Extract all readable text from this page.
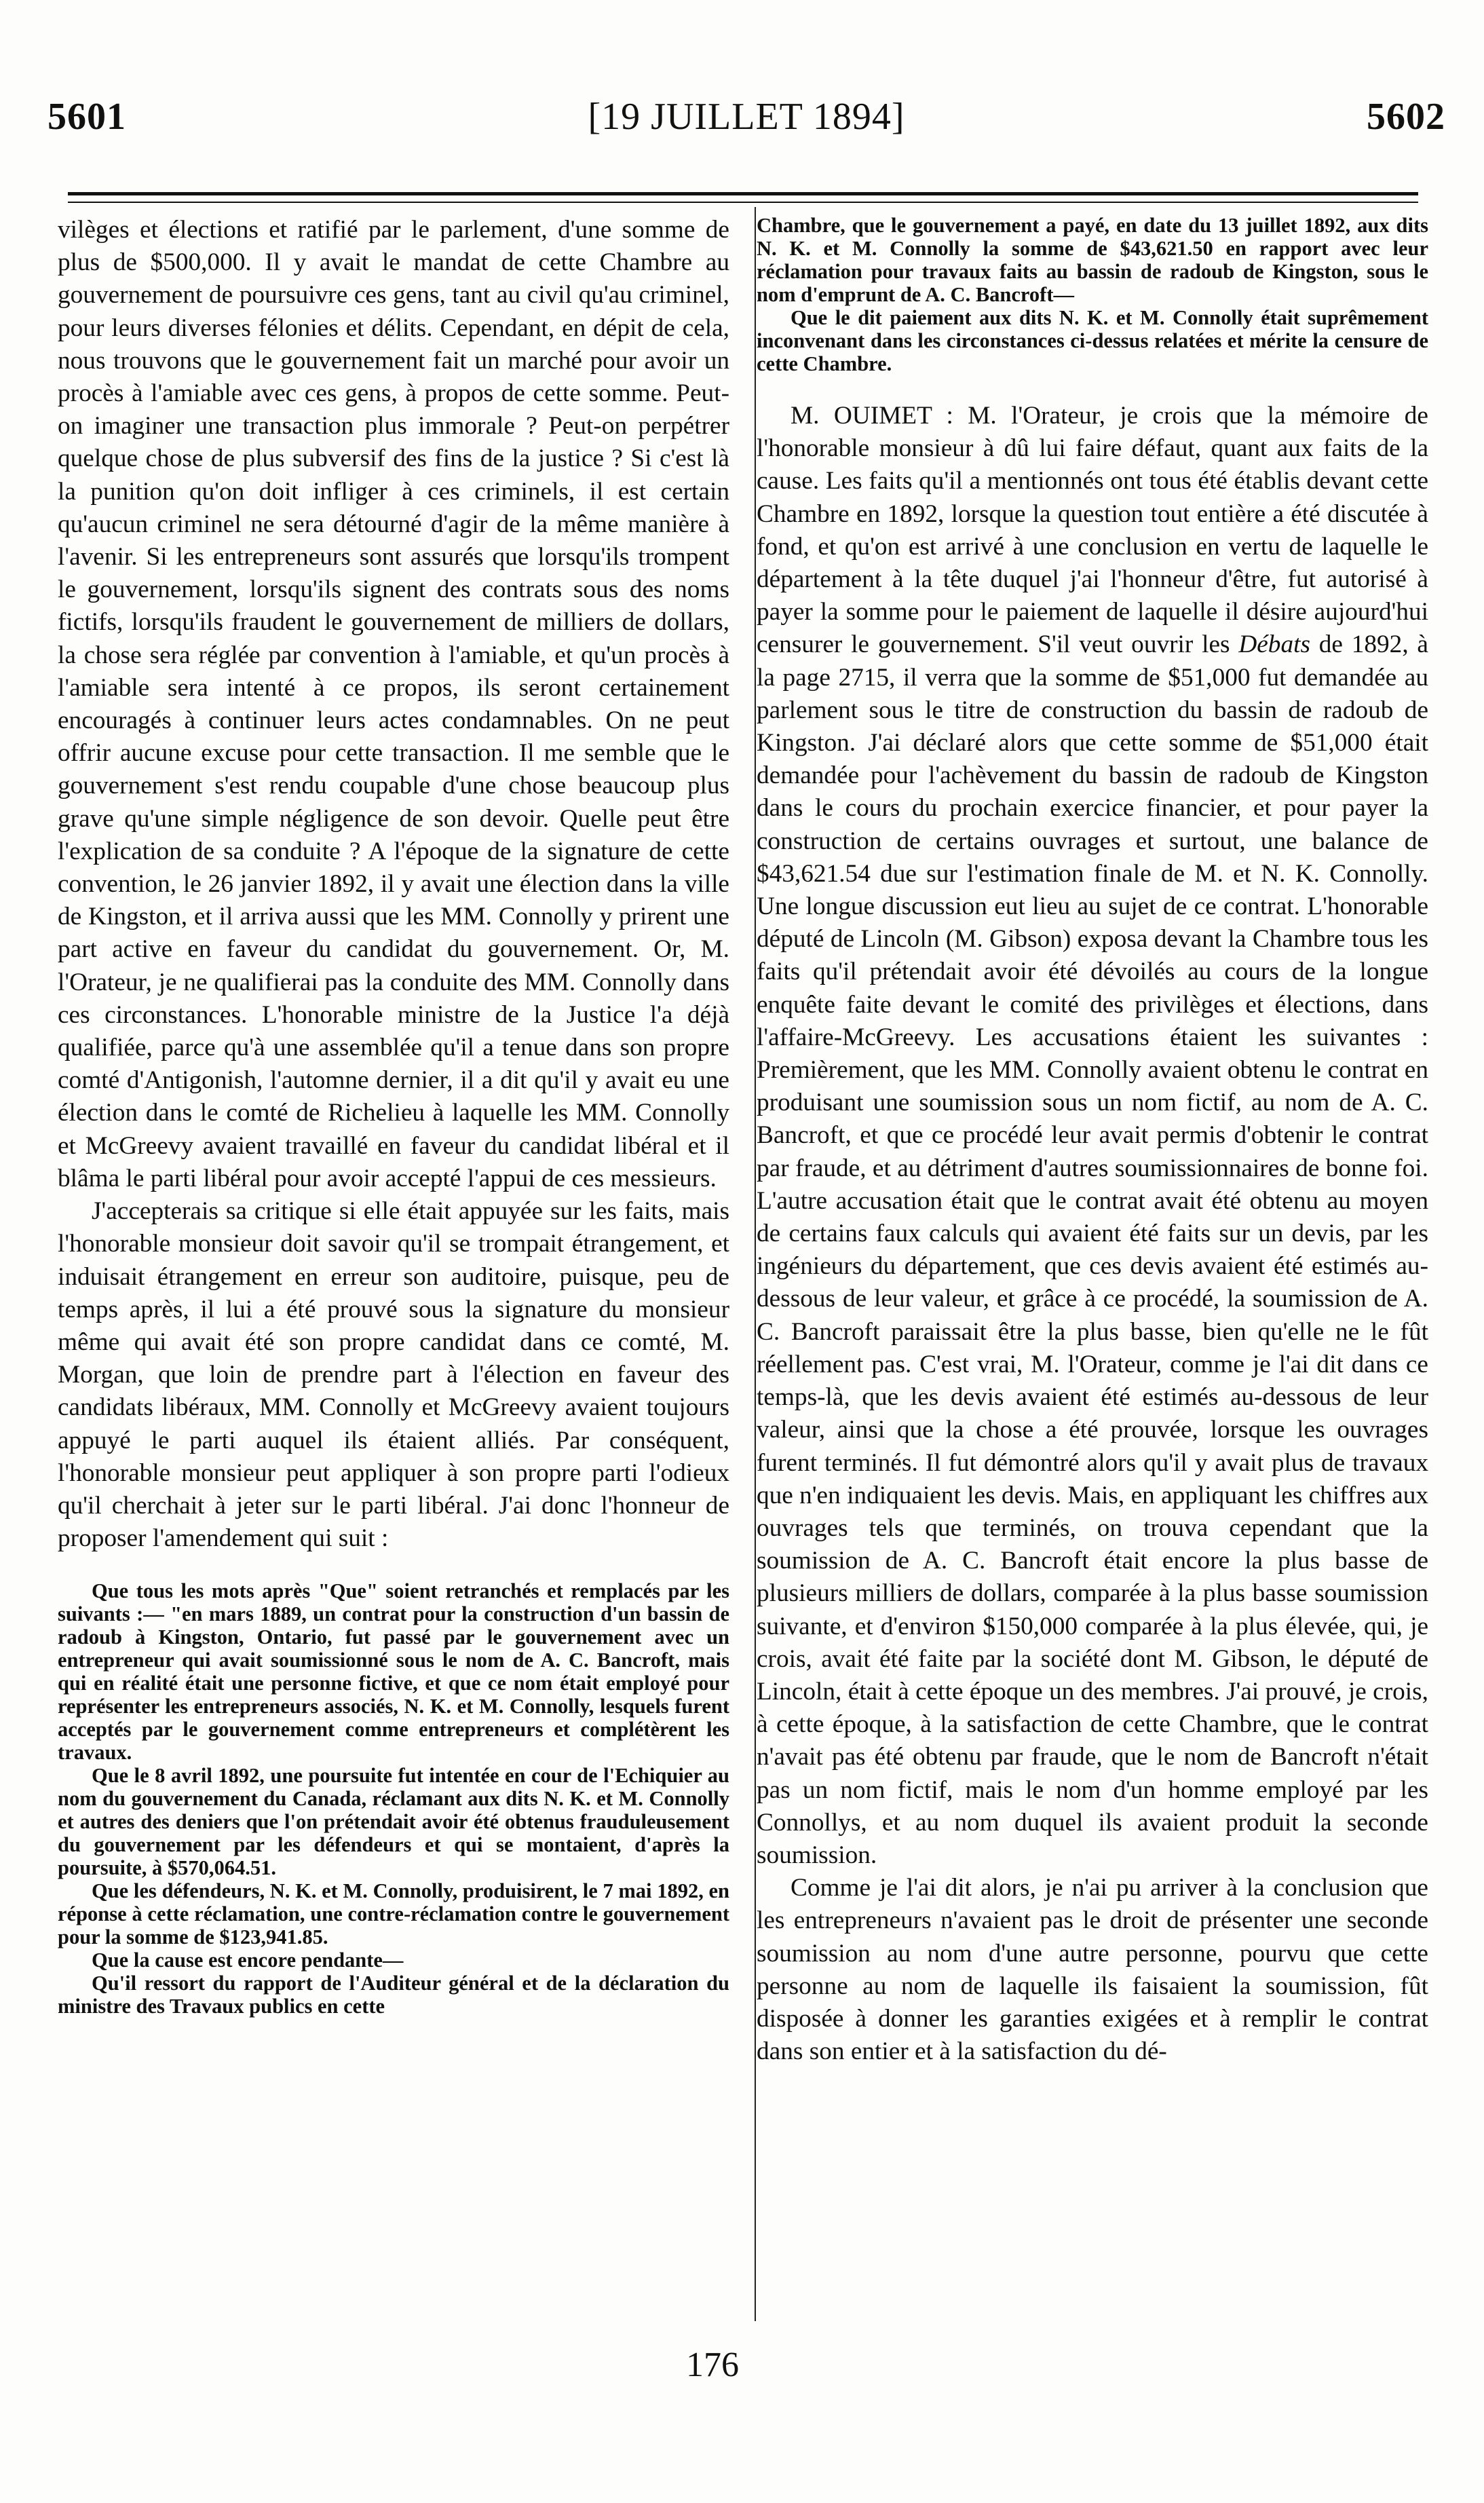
5601	[19 JUILLET 1894]	5602

vilèges et élections et ratifié par le parlement, d'une somme de plus de $500,000. Il y avait le mandat de cette Chambre au gouvernement de poursuivre ces gens, tant au civil qu'au criminel, pour leurs diverses félonies et délits. Cependant, en dépit de cela, nous trouvons que le gouvernement fait un marché pour avoir un procès à l'amiable avec ces gens, à propos de cette somme. Peut-on imaginer une transaction plus immorale ? Peut-on perpétrer quelque chose de plus subversif des fins de la justice ? Si c'est là la punition qu'on doit infliger à ces criminels, il est certain qu'aucun criminel ne sera détourné d'agir de la même manière à l'avenir. Si les entrepreneurs sont assurés que lorsqu'ils trompent le gouvernement, lorsqu'ils signent des contrats sous des noms fictifs, lorsqu'ils fraudent le gouvernement de milliers de dollars, la chose sera réglée par convention à l'amiable, et qu'un procès à l'amiable sera intenté à ce propos, ils seront certainement encouragés à continuer leurs actes condamnables. On ne peut offrir aucune excuse pour cette transaction. Il me semble que le gouvernement s'est rendu coupable d'une chose beaucoup plus grave qu'une simple négligence de son devoir. Quelle peut être l'explication de sa conduite ? A l'époque de la signature de cette convention, le 26 janvier 1892, il y avait une élection dans la ville de Kingston, et il arriva aussi que les MM. Connolly y prirent une part active en faveur du candidat du gouvernement. Or, M. l'Orateur, je ne qualifierai pas la conduite des MM. Connolly dans ces circonstances. L'honorable ministre de la Justice l'a déjà qualifiée, parce qu'à une assemblée qu'il a tenue dans son propre comté d'Antigonish, l'automne dernier, il a dit qu'il y avait eu une élection dans le comté de Richelieu à laquelle les MM. Connolly et McGreevy avaient travaillé en faveur du candidat libéral et il blâma le parti libéral pour avoir accepté l'appui de ces messieurs.

J'accepterais sa critique si elle était appuyée sur les faits, mais l'honorable monsieur doit savoir qu'il se trompait étrangement, et induisait étrangement en erreur son auditoire, puisque, peu de temps après, il lui a été prouvé sous la signature du monsieur même qui avait été son propre candidat dans ce comté, M. Morgan, que loin de prendre part à l'élection en faveur des candidats libéraux, MM. Connolly et McGreevy avaient toujours appuyé le parti auquel ils étaient alliés. Par conséquent, l'honorable monsieur peut appliquer à son propre parti l'odieux qu'il cherchait à jeter sur le parti libéral. J'ai donc l'honneur de proposer l'amendement qui suit :

Que tous les mots après "Que" soient retranchés et remplacés par les suivants :— "en mars 1889, un contrat pour la construction d'un bassin de radoub à Kingston, Ontario, fut passé par le gouvernement avec un entrepreneur qui avait soumissionné sous le nom de A. C. Bancroft, mais qui en réalité était une personne fictive, et que ce nom était employé pour représenter les entrepreneurs associés, N. K. et M. Connolly, lesquels furent acceptés par le gouvernement comme entrepreneurs et complétèrent les travaux.

Que le 8 avril 1892, une poursuite fut intentée en cour de l'Echiquier au nom du gouvernement du Canada, réclamant aux dits N. K. et M. Connolly et autres des deniers que l'on prétendait avoir été obtenus frauduleusement du gouvernement par les défendeurs et qui se montaient, d'après la poursuite, à $570,064.51.

Que les défendeurs, N. K. et M. Connolly, produisirent, le 7 mai 1892, en réponse à cette réclamation, une contre-réclamation contre le gouvernement pour la somme de $123,941.85.

Que la cause est encore pendante—

Qu'il ressort du rapport de l'Auditeur général et de la déclaration du ministre des Travaux publics en cette

Chambre, que le gouvernement a payé, en date du 13 juillet 1892, aux dits N. K. et M. Connolly la somme de $43,621.50 en rapport avec leur réclamation pour travaux faits au bassin de radoub de Kingston, sous le nom d'emprunt de A. C. Bancroft—

Que le dit paiement aux dits N. K. et M. Connolly était suprêmement inconvenant dans les circonstances ci-dessus relatées et mérite la censure de cette Chambre.

M. OUIMET : M. l'Orateur, je crois que la mémoire de l'honorable monsieur à dû lui faire défaut, quant aux faits de la cause. Les faits qu'il a mentionnés ont tous été établis devant cette Chambre en 1892, lorsque la question tout entière a été discutée à fond, et qu'on est arrivé à une conclusion en vertu de laquelle le département à la tête duquel j'ai l'honneur d'être, fut autorisé à payer la somme pour le paiement de laquelle il désire aujourd'hui censurer le gouvernement. S'il veut ouvrir les Débats de 1892, à la page 2715, il verra que la somme de $51,000 fut demandée au parlement sous le titre de construction du bassin de radoub de Kingston. J'ai déclaré alors que cette somme de $51,000 était demandée pour l'achèvement du bassin de radoub de Kingston dans le cours du prochain exercice financier, et pour payer la construction de certains ouvrages et surtout, une balance de $43,621.54 due sur l'estimation finale de M. et N. K. Connolly. Une longue discussion eut lieu au sujet de ce contrat. L'honorable député de Lincoln (M. Gibson) exposa devant la Chambre tous les faits qu'il prétendait avoir été dévoilés au cours de la longue enquête faite devant le comité des privilèges et élections, dans l'affaire-McGreevy. Les accusations étaient les suivantes : Premièrement, que les MM. Connolly avaient obtenu le contrat en produisant une soumission sous un nom fictif, au nom de A. C. Bancroft, et que ce procédé leur avait permis d'obtenir le contrat par fraude, et au détriment d'autres soumissionnaires de bonne foi. L'autre accusation était que le contrat avait été obtenu au moyen de certains faux calculs qui avaient été faits sur un devis, par les ingénieurs du département, que ces devis avaient été estimés au-dessous de leur valeur, et grâce à ce procédé, la soumission de A. C. Bancroft paraissait être la plus basse, bien qu'elle ne le fût réellement pas. C'est vrai, M. l'Orateur, comme je l'ai dit dans ce temps-là, que les devis avaient été estimés au-dessous de leur valeur, ainsi que la chose a été prouvée, lorsque les ouvrages furent terminés. Il fut démontré alors qu'il y avait plus de travaux que n'en indiquaient les devis. Mais, en appliquant les chiffres aux ouvrages tels que terminés, on trouva cependant que la soumission de A. C. Bancroft était encore la plus basse de plusieurs milliers de dollars, comparée à la plus basse soumission suivante, et d'environ $150,000 comparée à la plus élevée, qui, je crois, avait été faite par la société dont M. Gibson, le député de Lincoln, était à cette époque un des membres. J'ai prouvé, je crois, à cette époque, à la satisfaction de cette Chambre, que le contrat n'avait pas été obtenu par fraude, que le nom de Bancroft n'était pas un nom fictif, mais le nom d'un homme employé par les Connollys, et au nom duquel ils avaient produit la seconde soumission.

Comme je l'ai dit alors, je n'ai pu arriver à la conclusion que les entrepreneurs n'avaient pas le droit de présenter une seconde soumission au nom d'une autre personne, pourvu que cette personne au nom de laquelle ils faisaient la soumission, fût disposée à donner les garanties exigées et à remplir le contrat dans son entier et à la satisfaction du dé-

176
